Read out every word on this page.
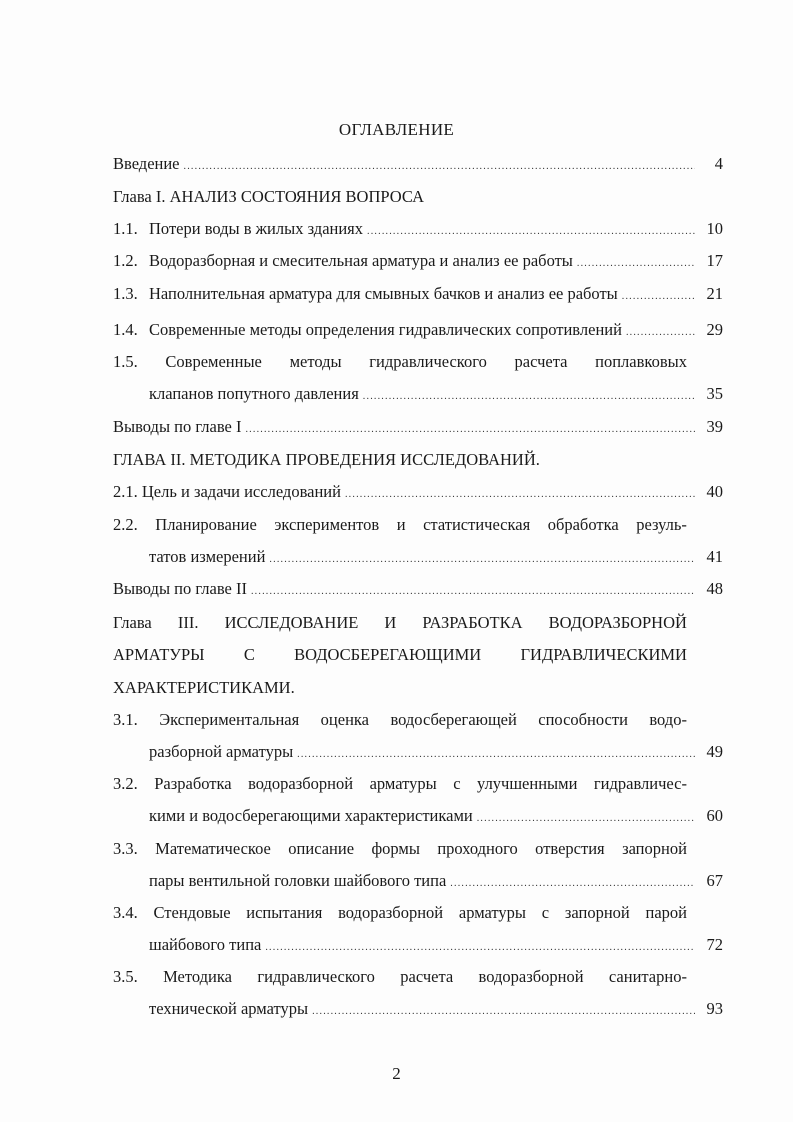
ОГЛАВЛЕНИЕ
Введение .....	4
Глава I. АНАЛИЗ СОСТОЯНИЯ ВОПРОСА
1.1. Потери воды в жилых зданиях .....	10
1.2. Водоразборная и смесительная арматура и анализ ее работы .....	17
1.3. Наполнительная арматура для смывных бачков и анализ ее работы .....	21
1.4. Современные методы определения гидравлических сопротивлений .....	29
1.5. Современные методы гидравлического расчета поплавковых
клапанов попутного давления .....	35
Выводы по главе I .....	39
ГЛАВА II. МЕТОДИКА ПРОВЕДЕНИЯ ИССЛЕДОВАНИЙ.
2.1. Цель и задачи исследований .....	40
2.2. Планирование экспериментов и статистическая обработка резуль-
татов измерений .....	41
Выводы по главе II .....	48
Глава III. ИССЛЕДОВАНИЕ И РАЗРАБОТКА ВОДОРАЗБОРНОЙ
АРМАТУРЫ С ВОДОСБЕРЕГАЮЩИМИ ГИДРАВЛИЧЕСКИМИ
ХАРАКТЕРИСТИКАМИ.
3.1. Экспериментальная оценка водосберегающей способности водо-
разборной арматуры .....	49
3.2. Разработка водоразборной арматуры с улучшенными гидравличес-
кими и водосберегающими характеристиками .....	60
3.3. Математическое описание формы проходного отверстия запорной
пары вентильной головки шайбового типа .....	67
3.4. Стендовые испытания водоразборной арматуры с запорной парой
шайбового типа .....	72
3.5. Методика гидравлического расчета водоразборной санитарно-
технической арматуры .....	93
2
